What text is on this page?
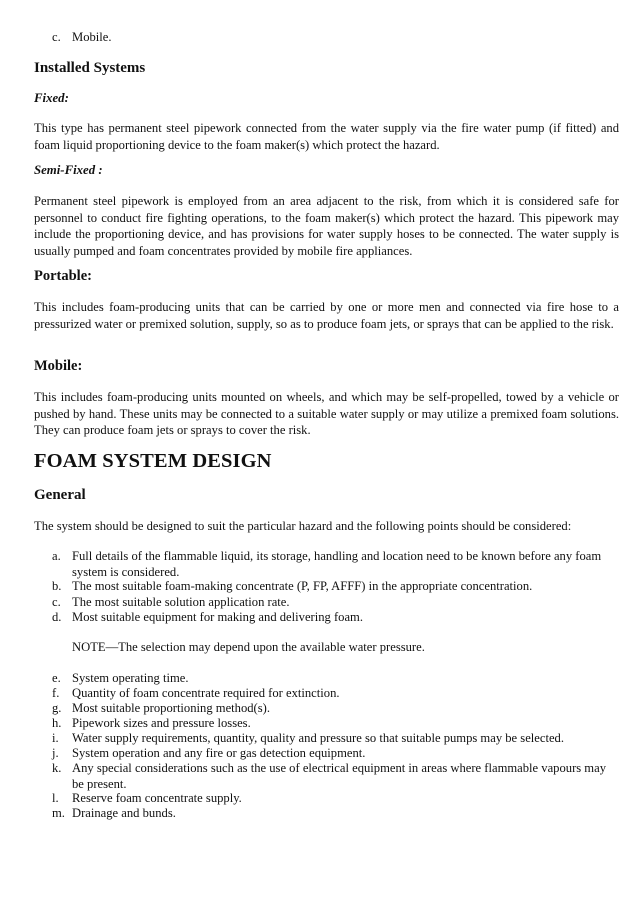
c. Mobile.
Installed Systems
Fixed:

This type has permanent steel pipework connected from the water supply via the fire water pump (if fitted) and foam liquid proportioning device to the foam maker(s) which protect the hazard.

Semi-Fixed :

Permanent steel pipework is employed from an area adjacent to the risk, from which it is considered safe for personnel to conduct fire fighting operations, to the foam maker(s) which protect the hazard. This pipework may include the proportioning device, and has provisions for water supply hoses to be connected. The water supply is usually pumped and foam concentrates provided by mobile fire appliances.

Portable:

This includes foam-producing units that can be carried by one or more men and connected via fire hose to a pressurized water or premixed solution, supply, so as to produce foam jets, or sprays that can be applied to the risk.

Mobile:

This includes foam-producing units mounted on wheels, and which may be self-propelled, towed by a vehicle or pushed by hand. These units may be connected to a suitable water supply or may utilize a premixed foam solutions. They can produce foam jets or sprays to cover the risk.

FOAM SYSTEM DESIGN
General

The system should be designed to suit the particular hazard and the following points should be considered:

a. Full details of the flammable liquid, its storage, handling and location need to be known before any foam system is considered.
b. The most suitable foam-making concentrate (P, FP, AFFF) in the appropriate concentration.
c. The most suitable solution application rate.
d. Most suitable equipment for making and delivering foam.
NOTE—The selection may depend upon the available water pressure.
e. System operating time.
f.	Quantity of foam concentrate required for extinction.
g. Most suitable proportioning method(s).
h. Pipework sizes and pressure losses.
i.	Water supply requirements, quantity, quality and pressure so that suitable pumps may be selected.
j.	System operation and any fire or gas detection equipment.
k. Any special considerations such as the use of electrical equipment in areas where flammable vapours may be present.
l.	Reserve foam concentrate supply.
m. Drainage and bunds.
